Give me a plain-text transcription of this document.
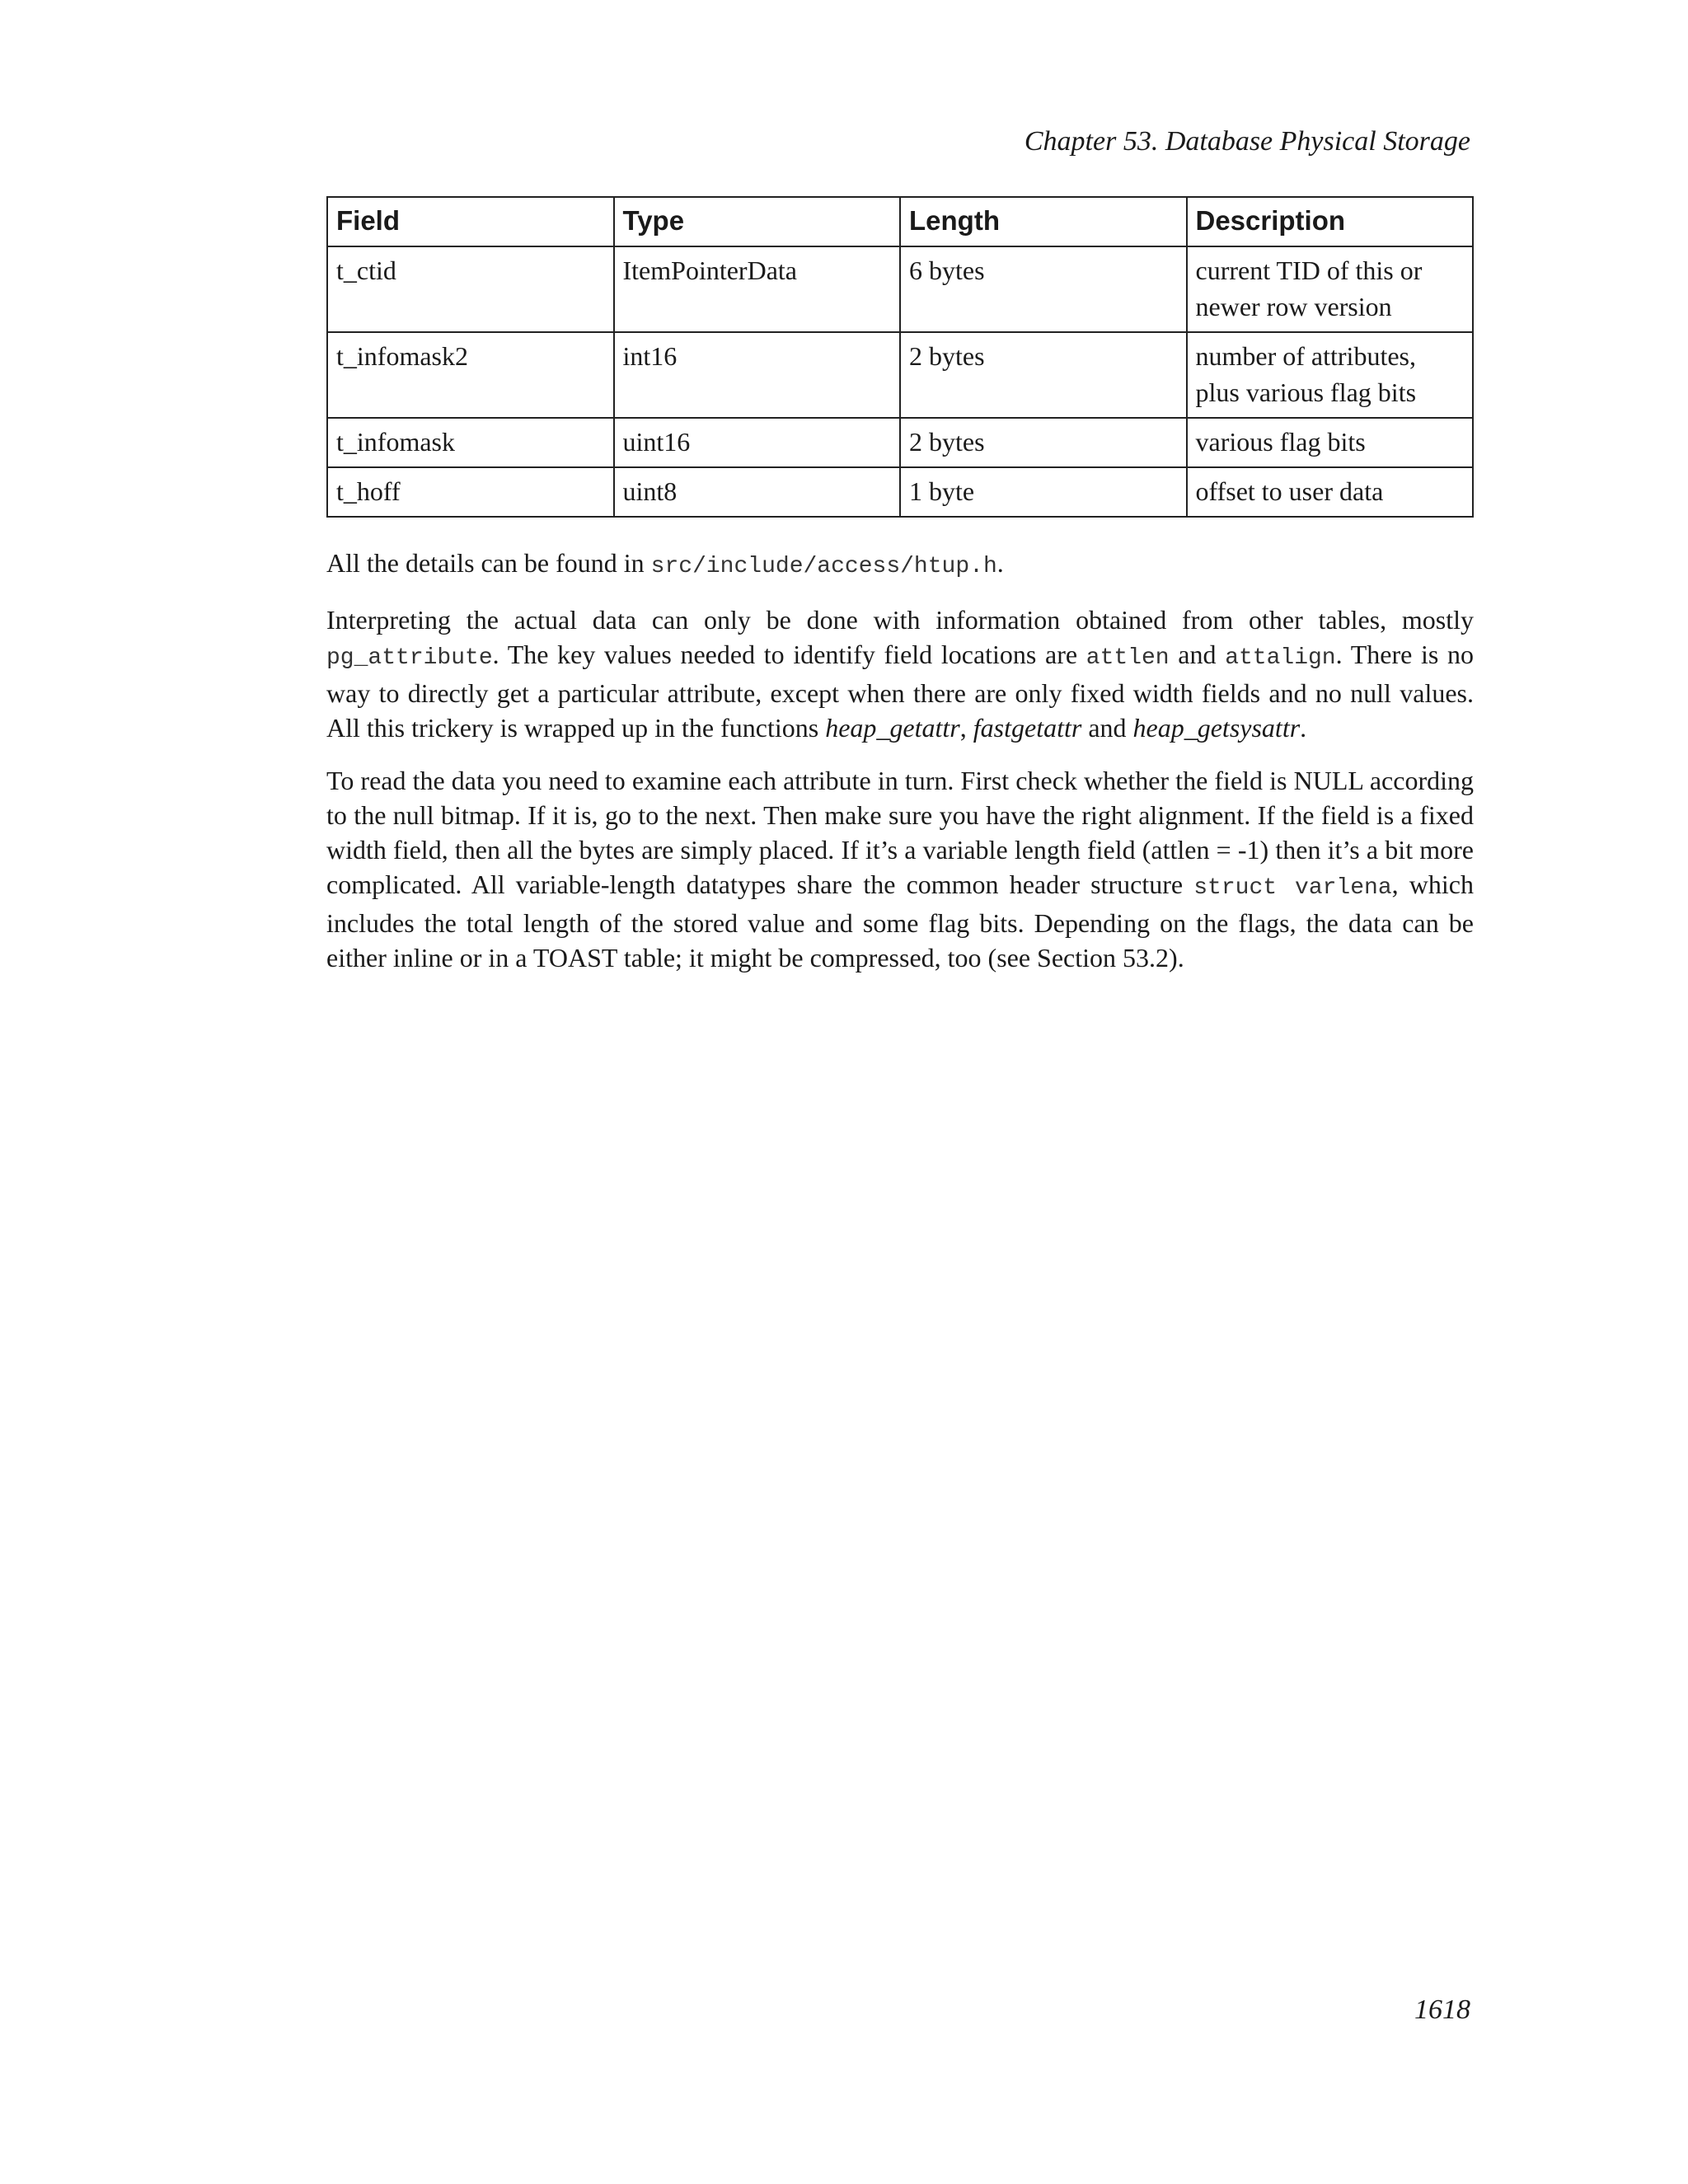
Chapter 53. Database Physical Storage
Field	Type	Length	Description
t_ctid	ItemPointerData	6 bytes	current TID of this or newer row version
t_infomask2	int16	2 bytes	number of attributes, plus various flag bits
t_infomask	uint16	2 bytes	various flag bits
t_hoff	uint8	1 byte	offset to user data

All the details can be found in src/include/access/htup.h.

Interpreting the actual data can only be done with information obtained from other tables, mostly pg_attribute. The key values needed to identify field locations are attlen and attalign. There is no way to directly get a particular attribute, except when there are only fixed width fields and no null values. All this trickery is wrapped up in the functions heap_getattr, fastgetattr and heap_getsysattr.

To read the data you need to examine each attribute in turn. First check whether the field is NULL according to the null bitmap. If it is, go to the next. Then make sure you have the right alignment. If the field is a fixed width field, then all the bytes are simply placed. If it’s a variable length field (attlen = -1) then it’s a bit more complicated. All variable-length datatypes share the common header structure struct varlena, which includes the total length of the stored value and some flag bits. Depending on the flags, the data can be either inline or in a TOAST table; it might be compressed, too (see Section 53.2).

1618
